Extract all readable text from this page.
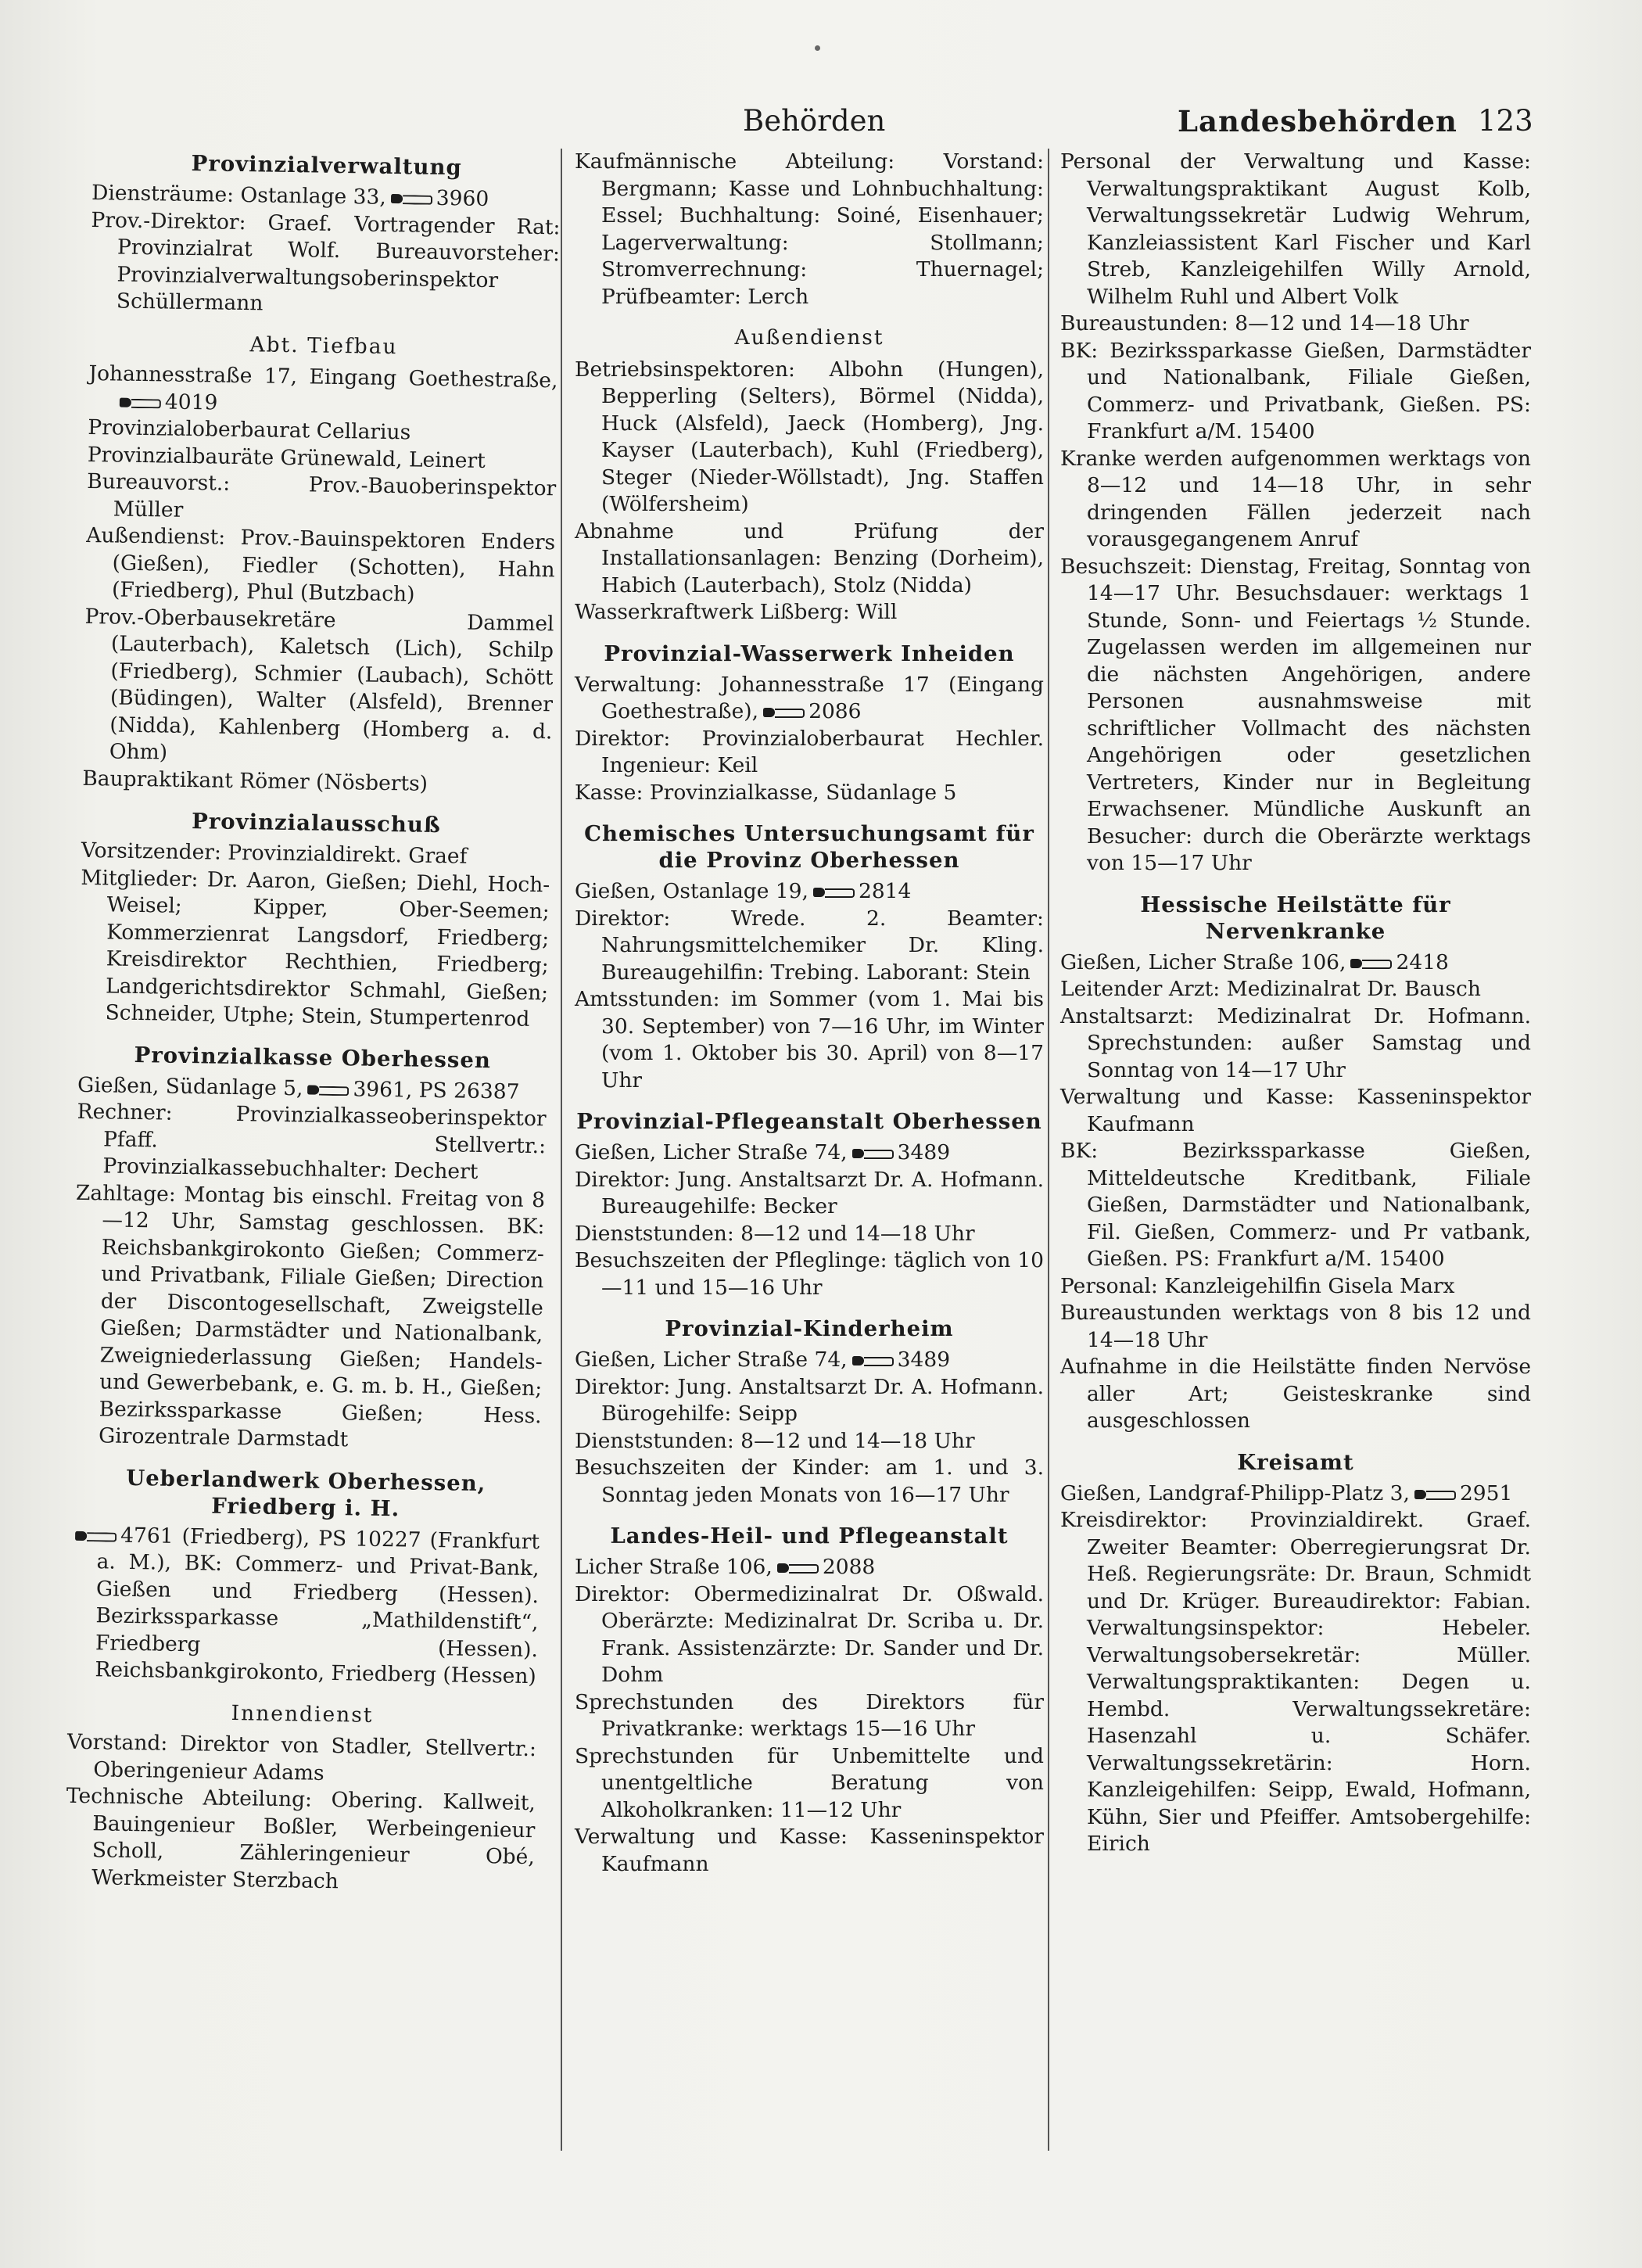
Behörden	Landesbehörden 123
Provinzialverwaltung

Diensträume: Ostanlage 33, 3960

Prov.-Direktor: Graef. Vortragender Rat: Provinzialrat Wolf. Bureauvorsteher: Provinzialverwaltungsoberinspektor Schüllermann

Abt. Tiefbau

Johannesstraße 17, Eingang Goethestraße,4019

Provinzialoberbaurat Cellarius

Provinzialbauräte Grünewald, Leinert

Bureauvorst.: Prov.-Bauoberinspektor Müller

Außendienst: Prov.-Bauinspektoren Enders (Gießen), Fiedler (Schotten), Hahn (Friedberg), Phul (Butzbach)

Prov.-Oberbausekretäre Dammel (Lauterbach), Kaletsch (Lich), Schilp (Friedberg), Schmier (Laubach), Schött (Büdingen), Walter (Alsfeld), Brenner (Nidda), Kahlenberg (Homberg a. d. Ohm)

Baupraktikant Römer (Nösberts)

Provinzialausschuß

Vorsitzender: Provinzialdirekt. Graef

Mitglieder: Dr. Aaron, Gießen; Diehl, Hoch-Weisel; Kipper, Ober-Seemen; Kommerzienrat Langsdorf, Friedberg; Kreisdirektor Rechthien, Friedberg; Landgerichtsdirektor Schmahl, Gießen; Schneider, Utphe; Stein, Stumpertenrod

Provinzialkasse Oberhessen

Gießen, Südanlage 5, 3961, PS 26387

Rechner: Provinzialkasseoberinspektor Pfaff. Stellvertr.: Provinzialkassebuchhalter: Dechert

Zahltage: Montag bis einschl. Freitag von 8—12 Uhr, Samstag geschlossen. BK: Reichsbankgirokonto Gießen; Commerz- und Privatbank, Filiale Gießen; Direction der Discontogesellschaft, Zweigstelle Gießen; Darmstädter und Nationalbank, Zweigniederlassung Gießen; Handels- und Gewerbebank, e. G. m. b. H., Gießen; Bezirkssparkasse Gießen; Hess. Girozentrale Darmstadt

Ueberlandwerk Oberhessen, Friedberg i. H.

4761 (Friedberg), PS 10227 (Frankfurt a. M.), BK: Commerz- und Privat-Bank, Gießen und Friedberg (Hessen). Bezirkssparkasse „Mathildenstift“, Friedberg (Hessen). Reichsbankgirokonto, Friedberg (Hessen)

Innendienst

Vorstand: Direktor von Stadler, Stellvertr.: Oberingenieur Adams

Technische Abteilung: Obering. Kallweit, Bauingenieur Boßler, Werbeingenieur Scholl, Zähleringenieur Obé, Werkmeister Sterzbach

Kaufmännische Abteilung: Vorstand: Bergmann; Kasse und Lohnbuchhaltung: Essel; Buchhaltung: Soiné, Eisenhauer; Lagerverwaltung: Stollmann; Stromverrechnung: Thuernagel; Prüfbeamter: Lerch

Außendienst

Betriebsinspektoren: Albohn (Hungen), Bepperling (Selters), Börmel (Nidda), Huck (Alsfeld), Jaeck (Homberg), Jng. Kayser (Lauterbach), Kuhl (Friedberg), Steger (Nieder-Wöllstadt), Jng. Staffen (Wölfersheim)

Abnahme und Prüfung der Installationsanlagen: Benzing (Dorheim), Habich (Lauterbach), Stolz (Nidda)

Wasserkraftwerk Lißberg: Will

Provinzial-Wasserwerk Inheiden

Verwaltung: Johannesstraße 17 (Eingang Goethestraße), 2086

Direktor: Provinzialoberbaurat Hechler. Ingenieur: Keil

Kasse: Provinzialkasse, Südanlage 5

Chemisches Untersuchungsamt für die Provinz Oberhessen

Gießen, Ostanlage 19, 2814

Direktor: Wrede. 2. Beamter: Nahrungsmittelchemiker Dr. Kling. Bureaugehilfin: Trebing. Laborant: Stein

Amtsstunden: im Sommer (vom 1. Mai bis 30. September) von 7—16 Uhr, im Winter (vom 1. Oktober bis 30. April) von 8—17 Uhr

Provinzial-Pflegeanstalt Oberhessen

Gießen, Licher Straße 74, 3489

Direktor: Jung. Anstaltsarzt Dr. A. Hofmann. Bureaugehilfe: Becker

Dienststunden: 8—12 und 14—18 Uhr

Besuchszeiten der Pfleglinge: täglich von 10—11 und 15—16 Uhr

Provinzial-Kinderheim

Gießen, Licher Straße 74, 3489

Direktor: Jung. Anstaltsarzt Dr. A. Hofmann. Bürogehilfe: Seipp

Dienststunden: 8—12 und 14—18 Uhr

Besuchszeiten der Kinder: am 1. und 3. Sonntag jeden Monats von 16—17 Uhr

Landes-Heil- und Pflegeanstalt

Licher Straße 106, 2088

Direktor: Obermedizinalrat Dr. Oßwald. Oberärzte: Medizinalrat Dr. Scriba u. Dr. Frank. Assistenzärzte: Dr. Sander und Dr. Dohm

Sprechstunden des Direktors für Privatkranke: werktags 15—16 Uhr

Sprechstunden für Unbemittelte und unentgeltliche Beratung von Alkoholkranken: 11—12 Uhr

Verwaltung und Kasse: Kasseninspektor Kaufmann

Personal der Verwaltung und Kasse: Verwaltungspraktikant August Kolb, Verwaltungssekretär Ludwig Wehrum, Kanzleiassistent Karl Fischer und Karl Streb, Kanzleigehilfen Willy Arnold, Wilhelm Ruhl und Albert Volk

Bureaustunden: 8—12 und 14—18 Uhr

BK: Bezirkssparkasse Gießen, Darmstädter und Nationalbank, Filiale Gießen, Commerz- und Privatbank, Gießen. PS: Frankfurt a/M. 15400

Kranke werden aufgenommen werktags von 8—12 und 14—18 Uhr, in sehr dringenden Fällen jederzeit nach vorausgegangenem Anruf

Besuchszeit: Dienstag, Freitag, Sonntag von 14—17 Uhr. Besuchsdauer: werktags 1 Stunde, Sonn- und Feiertags ½ Stunde. Zugelassen werden im allgemeinen nur die nächsten Angehörigen, andere Personen ausnahmsweise mit schriftlicher Vollmacht des nächsten Angehörigen oder gesetzlichen Vertreters, Kinder nur in Begleitung Erwachsener. Mündliche Auskunft an Besucher: durch die Oberärzte werktags von 15—17 Uhr

Hessische Heilstätte für Nervenkranke

Gießen, Licher Straße 106, 2418

Leitender Arzt: Medizinalrat Dr. Bausch

Anstaltsarzt: Medizinalrat Dr. Hofmann. Sprechstunden: außer Samstag und Sonntag von 14—17 Uhr

Verwaltung und Kasse: Kasseninspektor Kaufmann

BK: Bezirkssparkasse Gießen, Mitteldeutsche Kreditbank, Filiale Gießen, Darmstädter und Nationalbank, Fil. Gießen, Commerz- und Pr vatbank, Gießen. PS: Frankfurt a/M. 15400

Personal: Kanzleigehilfin Gisela Marx

Bureaustunden werktags von 8 bis 12 und 14—18 Uhr

Aufnahme in die Heilstätte finden Nervöse aller Art; Geisteskranke sind ausgeschlossen

Kreisamt

Gießen, Landgraf-Philipp-Platz 3, 2951

Kreisdirektor: Provinzialdirekt. Graef. Zweiter Beamter: Oberregierungsrat Dr. Heß. Regierungsräte: Dr. Braun, Schmidt und Dr. Krüger. Bureaudirektor: Fabian. Verwaltungsinspektor: Hebeler. Verwaltungsobersekretär: Müller. Verwaltungspraktikanten: Degen u. Hembd. Verwaltungssekretäre: Hasenzahl u. Schäfer. Verwaltungssekretärin: Horn. Kanzleigehilfen: Seipp, Ewald, Hofmann, Kühn, Sier und Pfeiffer. Amtsobergehilfe: Eirich
